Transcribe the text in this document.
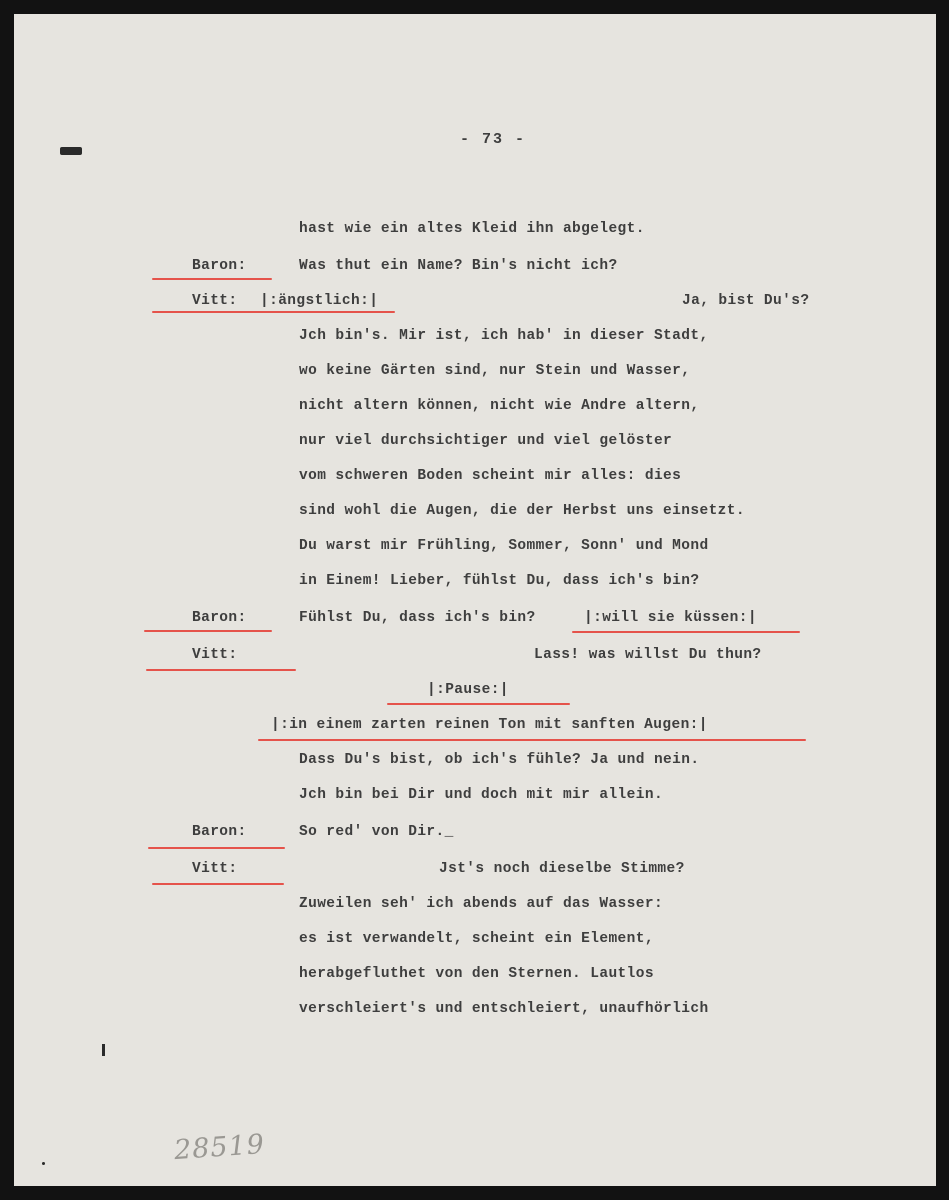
- 73 -
hast wie ein altes Kleid ihn abgelegt.
Baron:	Was thut ein Name? Bin's nicht ich?
Vitt: |:ängstlich:|	Ja, bist Du's?
Jch bin's. Mir ist, ich hab' in dieser Stadt,
wo keine Gärten sind, nur Stein und Wasser,
nicht altern können, nicht wie Andre altern,
nur viel durchsichtiger und viel gelöster
vom schweren Boden scheint mir alles: dies
sind wohl die Augen, die der Herbst uns einsetzt.
Du warst mir Frühling, Sommer, Sonn' und Mond
in Einem! Lieber, fühlst Du, dass ich's bin?
Baron:	Fühlst Du, dass ich's bin?	|:will sie küssen:|
Vitt:	Lass! was willst Du thun?
|:Pause:|
|:in einem zarten reinen Ton mit sanften Augen:|
Dass Du's bist, ob ich's fühle? Ja und nein.
Jch bin bei Dir und doch mit mir allein.
Baron:	So red' von Dir._
Vitt:	Jst's noch dieselbe Stimme?
Zuweilen seh' ich abends auf das Wasser:
es ist verwandelt, scheint ein Element,
herabgefluthet von den Sternen. Lautlos
verschleiert's und entschleiert, unaufhörlich
28519
